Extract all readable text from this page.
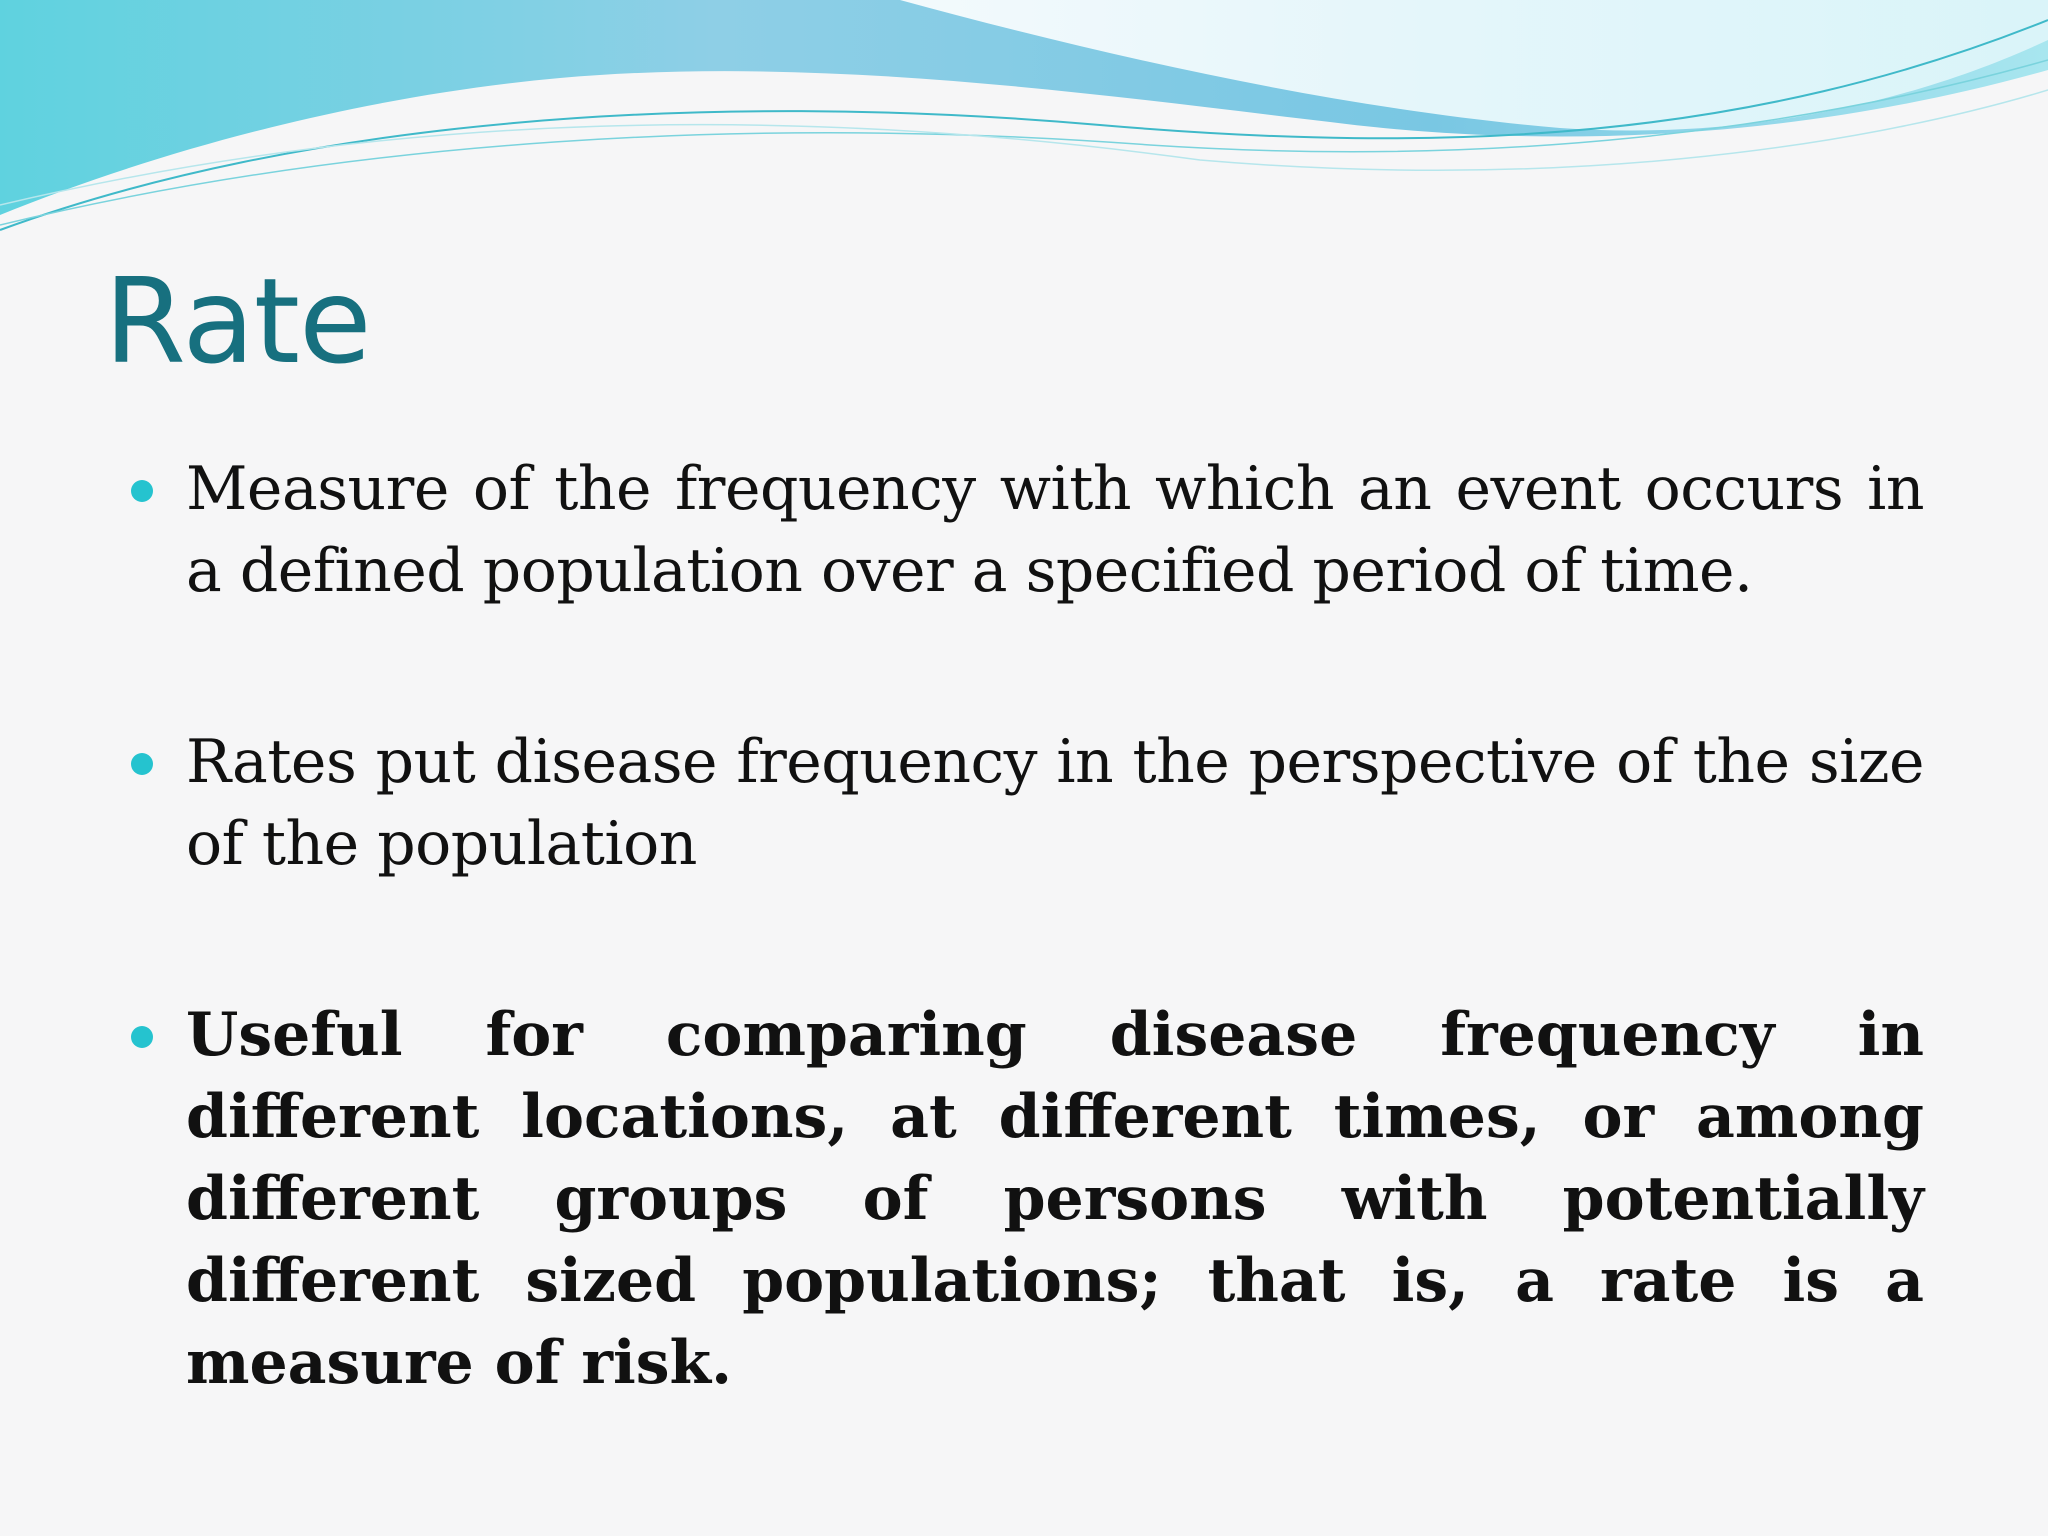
Rate
Measure of the frequency with which an event occurs in a defined population over a specified period of time.
Rates put disease frequency in the perspective of the size of the population
Useful for comparing disease frequency in different locations, at different times, or among different groups of persons with potentially different sized populations; that is, a rate is a measure of risk.
